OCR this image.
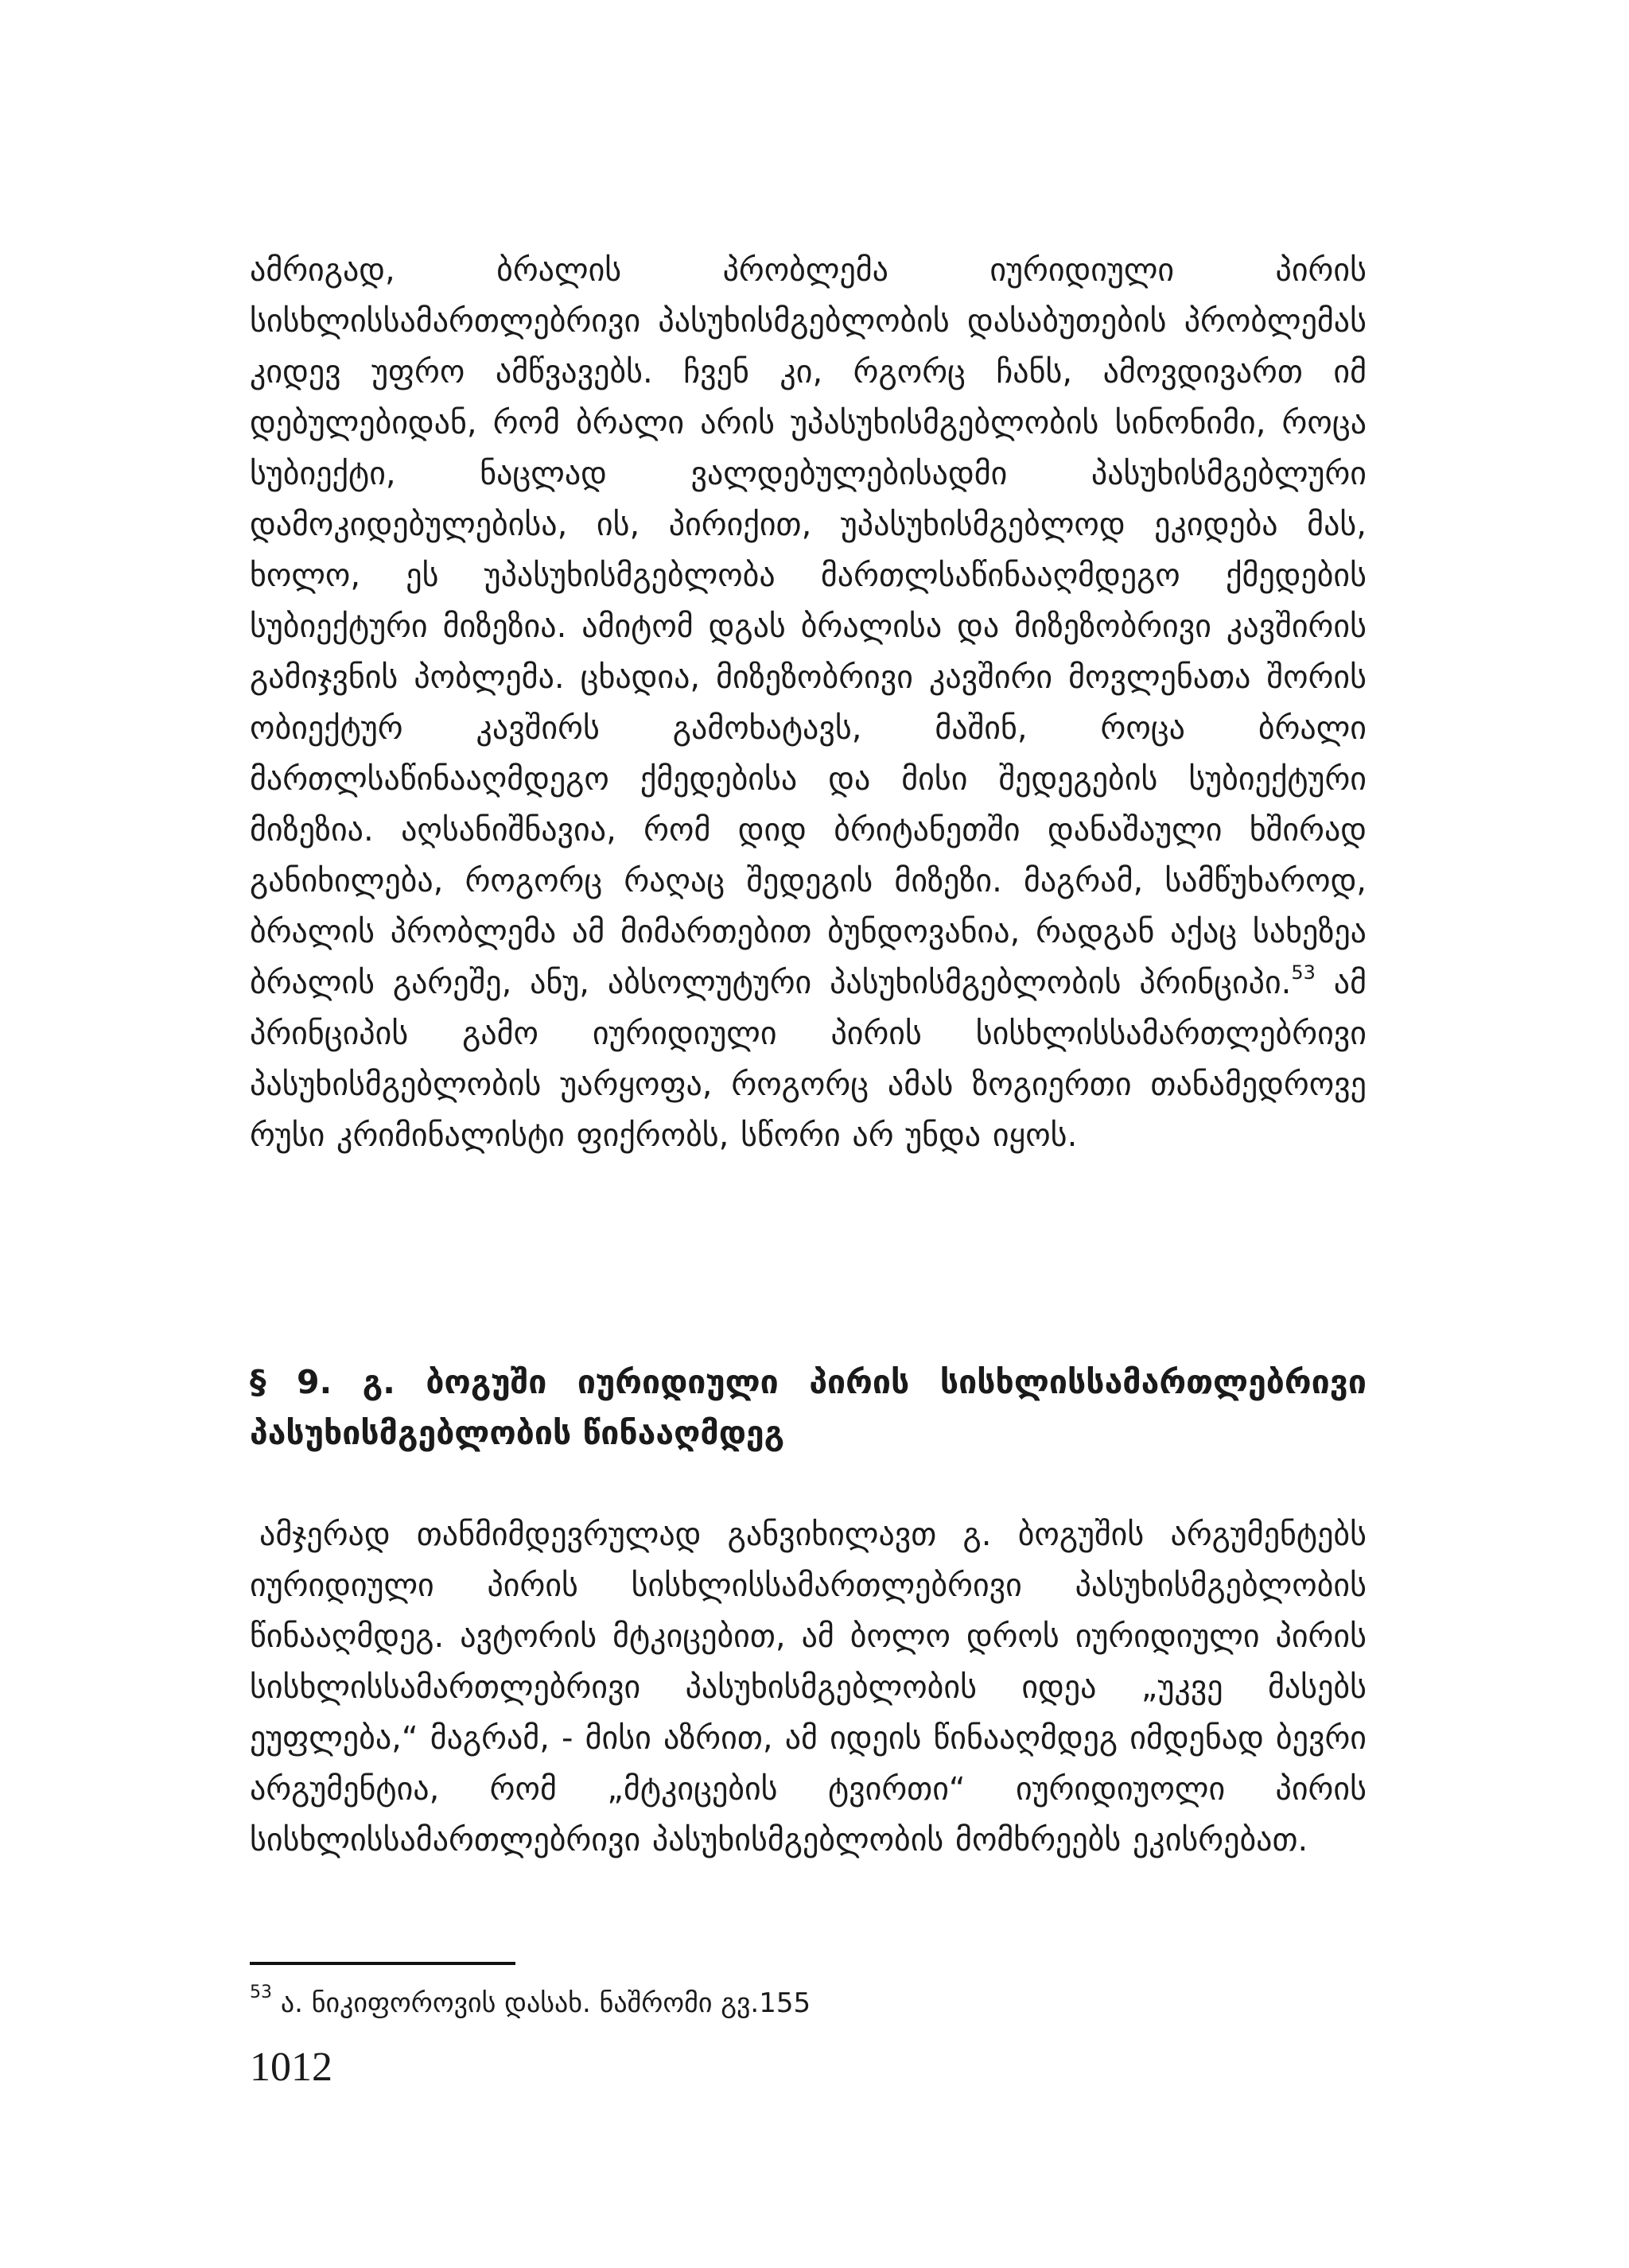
ამრიგად, ბრალის პრობლემა იურიდიული პირის სისხლისსამართლებრივი პასუხისმგებლობის დასაბუთების პრობლემას კიდევ უფრო ამწვავებს. ჩვენ კი, რგორც ჩანს, ამოვდივართ იმ დებულებიდან, რომ ბრალი არის უპასუხისმგებლობის სინონიმი, როცა სუბიექტი, ნაცლად ვალდებულებისადმი პასუხისმგებლური დამოკიდებულებისა, ის, პირიქით, უპასუხისმგებლოდ ეკიდება მას, ხოლო, ეს უპასუხისმგებლობა მართლსაწინააღმდეგო ქმედების სუბიექტური მიზეზია. ამიტომ დგას ბრალისა და მიზეზობრივი კავშირის გამიჯვნის პობლემა. ცხადია, მიზეზობრივი კავშირი მოვლენათა შორის ობიექტურ კავშირს გამოხატავს, მაშინ, როცა ბრალი მართლსაწინააღმდეგო ქმედებისა და მისი შედეგების სუბიექტური მიზეზია. აღსანიშნავია, რომ დიდ ბრიტანეთში დანაშაული ხშირად განიხილება, როგორც რაღაც შედეგის მიზეზი. მაგრამ, სამწუხაროდ, ბრალის პრობლემა ამ მიმართებით ბუნდოვანია, რადგან აქაც სახეზეა ბრალის გარეშე, ანუ, აბსოლუტური პასუხისმგებლობის პრინციპი.$^{53}$ ამ პრინციპის გამო იურიდიული პირის სისხლისსამართლებრივი პასუხისმგებლობის უარყოფა, როგორც ამას ზოგიერთი თანამედროვე რუსი კრიმინალისტი ფიქრობს, სწორი არ უნდა იყოს.

§ 9. გ. ბოგუში იურიდიული პირის სისხლისსამართლებრივი პასუხისმგებლობის წინააღმდეგ

ამჯერად თანმიმდევრულად განვიხილავთ გ. ბოგუშის არგუმენტებს იურიდიული პირის სისხლისსამართლებრივი პასუხისმგებლობის წინააღმდეგ. ავტორის მტკიცებით, ამ ბოლო დროს იურიდიული პირის სისხლისსამართლებრივი პასუხისმგებლობის იდეა „უკვე მასებს ეუფლება,“ მაგრამ, - მისი აზრით, ამ იდეის წინააღმდეგ იმდენად ბევრი არგუმენტია, რომ „მტკიცების ტვირთი“ იურიდიუოლი პირის სისხლისსამართლებრივი პასუხისმგებლობის მომხრეებს ეკისრებათ.

$^{53}$ ა. ნიკიფოროვის დასახ. ნაშრომი გვ.155
1012
